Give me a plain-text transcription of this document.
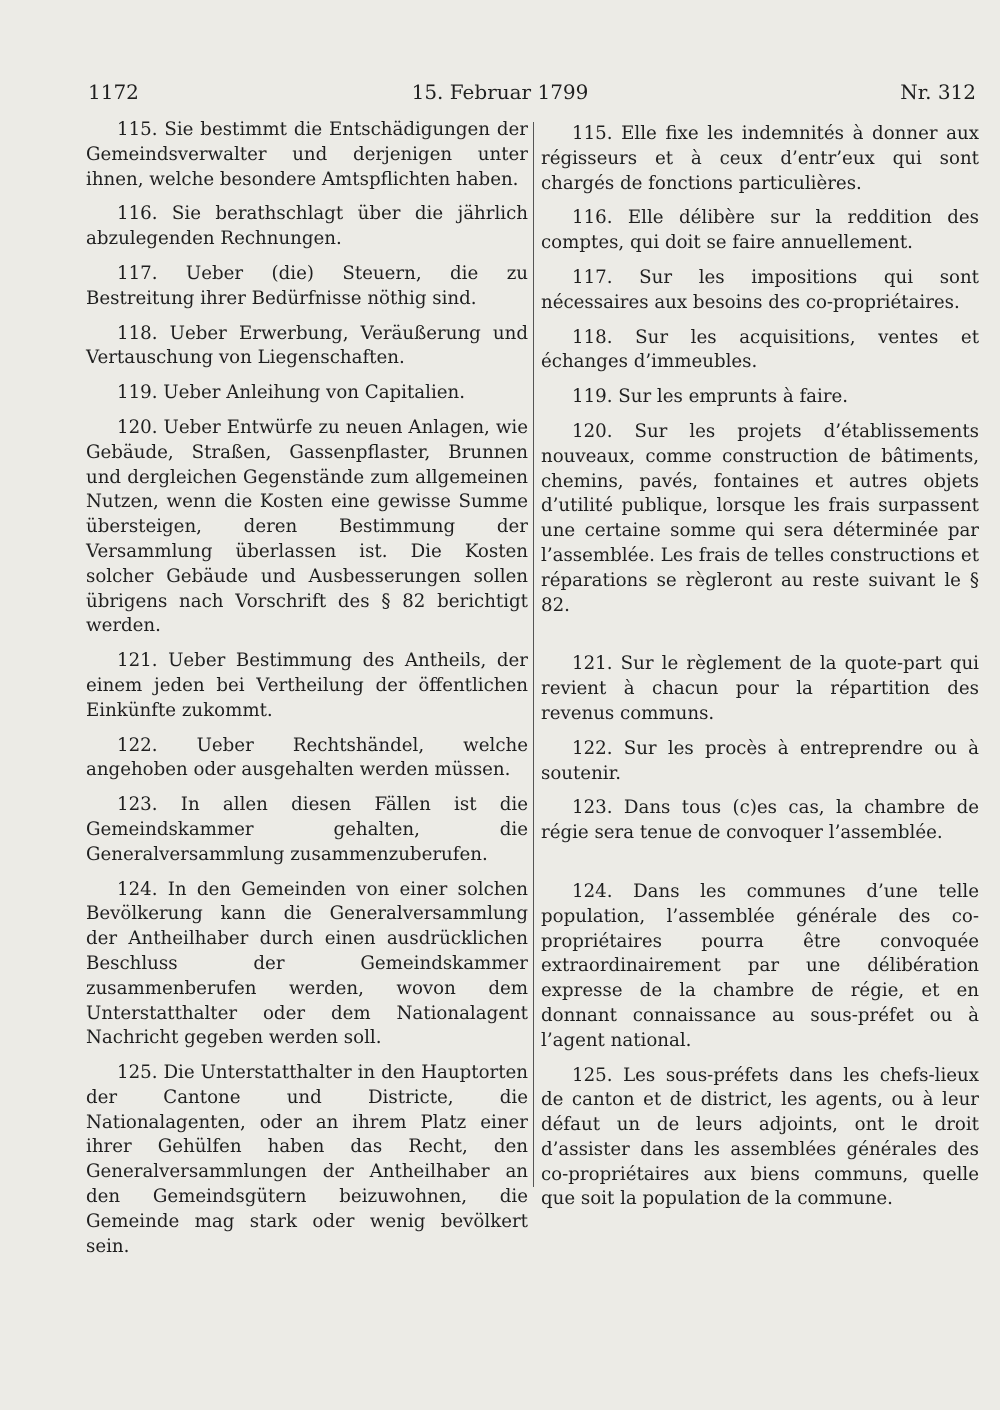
1172	15. Februar 1799	Nr. 312

115. Sie bestimmt die Entschädigungen der Gemeindsverwalter und derjenigen unter ihnen, welche besondere Amtspflichten haben.

116. Sie berathschlagt über die jährlich abzulegenden Rechnungen.

117. Ueber (die) Steuern, die zu Bestreitung ihrer Bedürfnisse nöthig sind.

118. Ueber Erwerbung, Veräußerung und Vertauschung von Liegenschaften.

119. Ueber Anleihung von Capitalien.

120. Ueber Entwürfe zu neuen Anlagen, wie Gebäude, Straßen, Gassenpflaster, Brunnen und dergleichen Gegenstände zum allgemeinen Nutzen, wenn die Kosten eine gewisse Summe übersteigen, deren Bestimmung der Versammlung überlassen ist. Die Kosten solcher Gebäude und Ausbesserungen sollen übrigens nach Vorschrift des § 82 berichtigt werden.

121. Ueber Bestimmung des Antheils, der einem jeden bei Vertheilung der öffentlichen Einkünfte zukommt.

122. Ueber Rechtshändel, welche angehoben oder ausgehalten werden müssen.

123. In allen diesen Fällen ist die Gemeindskammer gehalten, die Generalversammlung zusammenzuberufen.

124. In den Gemeinden von einer solchen Bevölkerung kann die Generalversammlung der Antheilhaber durch einen ausdrücklichen Beschluss der Gemeindskammer zusammenberufen werden, wovon dem Unterstatthalter oder dem Nationalagent Nachricht gegeben werden soll.

125. Die Unterstatthalter in den Hauptorten der Cantone und Districte, die Nationalagenten, oder an ihrem Platz einer ihrer Gehülfen haben das Recht, den Generalversammlungen der Antheilhaber an den Gemeindsgütern beizuwohnen, die Gemeinde mag stark oder wenig bevölkert sein.

115. Elle fixe les indemnités à donner aux régisseurs et à ceux d’entr’eux qui sont chargés de fonctions particulières.

116. Elle délibère sur la reddition des comptes, qui doit se faire annuellement.

117. Sur les impositions qui sont nécessaires aux besoins des co-propriétaires.

118. Sur les acquisitions, ventes et échanges d’immeubles.

119. Sur les emprunts à faire.

120. Sur les projets d’établissements nouveaux, comme construction de bâtiments, chemins, pavés, fontaines et autres objets d’utilité publique, lorsque les frais surpassent une certaine somme qui sera déterminée par l’assemblée. Les frais de telles constructions et réparations se règleront au reste suivant le § 82.

121. Sur le règlement de la quote-part qui revient à chacun pour la répartition des revenus communs.

122. Sur les procès à entreprendre ou à soutenir.

123. Dans tous (c)es cas, la chambre de régie sera tenue de convoquer l’assemblée.

124. Dans les communes d’une telle population, l’assemblée générale des co-propriétaires pourra être convoquée extraordinairement par une délibération expresse de la chambre de régie, et en donnant connaissance au sous-préfet ou à l’agent national.

125. Les sous-préfets dans les chefs-lieux de canton et de district, les agents, ou à leur défaut un de leurs adjoints, ont le droit d’assister dans les assemblées générales des co-propriétaires aux biens communs, quelle que soit la population de la commune.
